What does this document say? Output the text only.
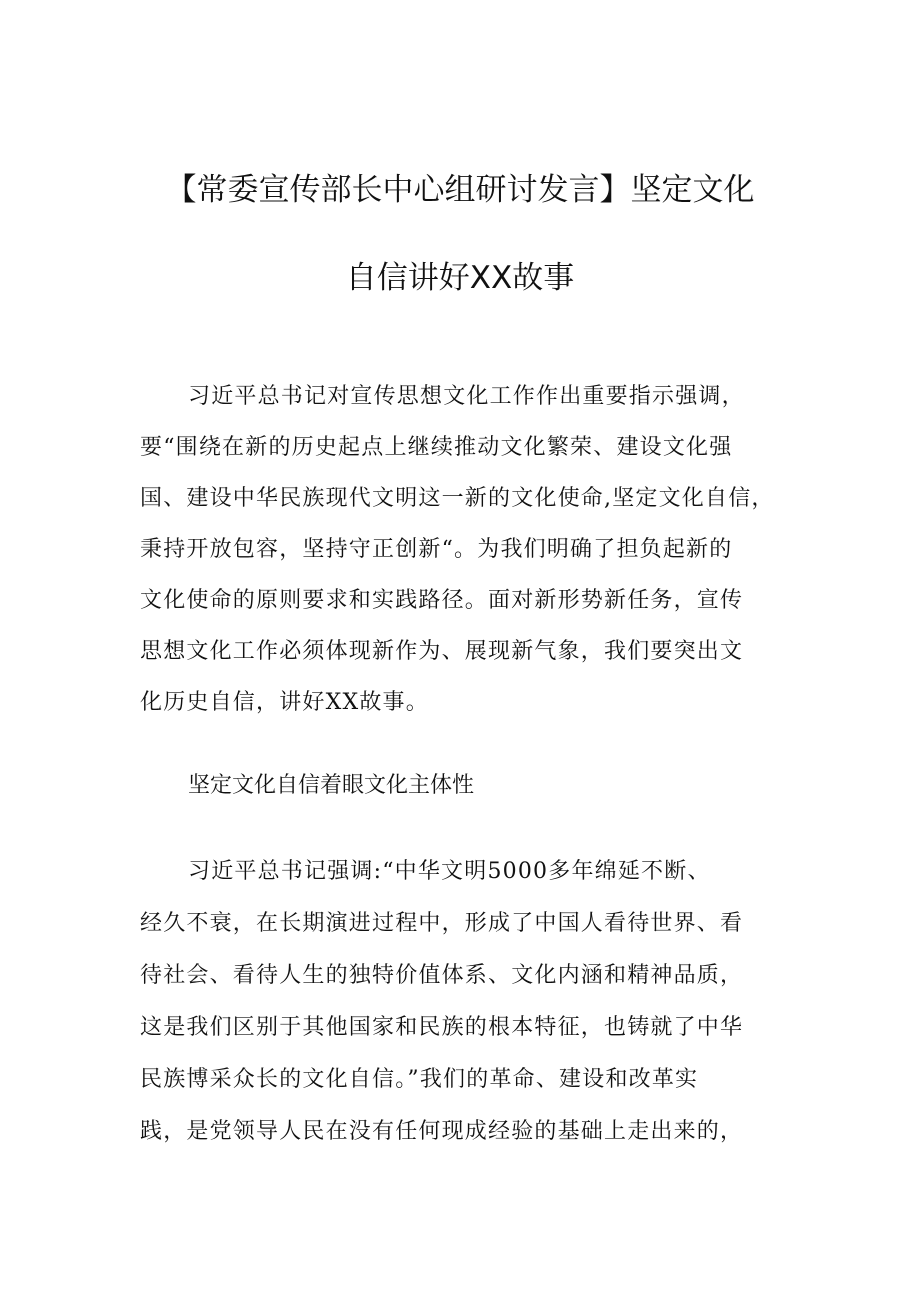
【常委宣传部长中心组研讨发言】坚定文化
自信讲好XX故事
习近平总书记对宣传思想文化工作作出重要指示强调，
要“围绕在新的历史起点上继续推动文化繁荣、建设文化强
国、建设中华民族现代文明这一新的文化使命,坚定文化自信，
秉持开放包容，坚持守正创新“。为我们明确了担负起新的
文化使命的原则要求和实践路径。面对新形势新任务，宣传
思想文化工作必须体现新作为、展现新气象，我们要突出文
化历史自信，讲好XX故事。
坚定文化自信着眼文化主体性
习近平总书记强调:“中华文明5000多年绵延不断、
经久不衰，在长期演进过程中，形成了中国人看待世界、看
待社会、看待人生的独特价值体系、文化内涵和精神品质，
这是我们区别于其他国家和民族的根本特征，也铸就了中华
民族博采众长的文化自信。”我们的革命、建设和改革实
践，是党领导人民在没有任何现成经验的基础上走出来的，
